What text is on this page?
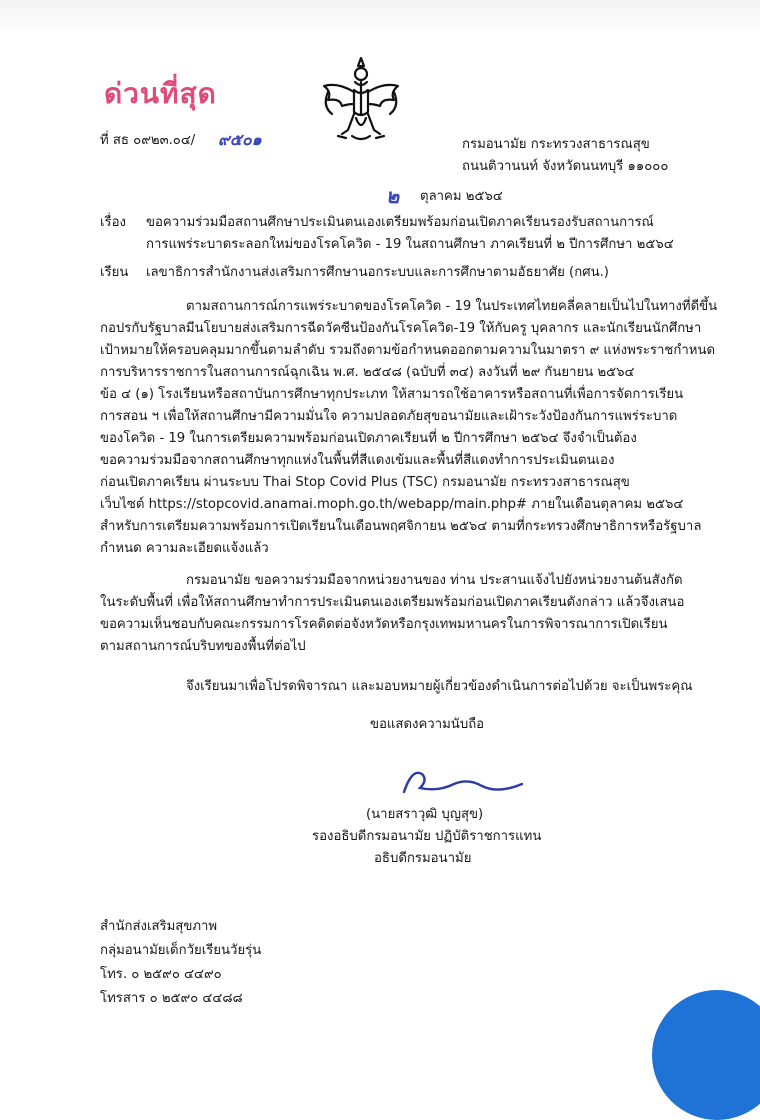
ด่วนที่สุด
ที่ สธ ๐๙๒๓.๐๔/ ๙๕๐๑	กรมอนามัย กระทรวงสาธารณสุข
ถนนติวานนท์ จังหวัดนนทบุรี ๑๑๐๐๐
๒ ตุลาคม ๒๕๖๔
เรื่อง ขอความร่วมมือสถานศึกษาประเมินตนเองเตรียมพร้อมก่อนเปิดภาคเรียนรองรับสถานการณ์
การแพร่ระบาดระลอกใหม่ของโรคโควิด - 19 ในสถานศึกษา ภาคเรียนที่ ๒ ปีการศึกษา ๒๕๖๔
เรียน เลขาธิการสำนักงานส่งเสริมการศึกษานอกระบบและการศึกษาตามอัธยาศัย (กศน.)
ตามสถานการณ์การแพร่ระบาดของโรคโควิด - 19 ในประเทศไทยคลี่คลายเป็นไปในทางที่ดีขึ้น
กอปรกับรัฐบาลมีนโยบายส่งเสริมการฉีดวัคซีนป้องกันโรคโควิด-19 ให้กับครู บุคลากร และนักเรียนนักศึกษา
เป้าหมายให้ครอบคลุมมากขึ้นตามลำดับ รวมถึงตามข้อกำหนดออกตามความในมาตรา ๙ แห่งพระราชกำหนด
การบริหารราชการในสถานการณ์ฉุกเฉิน พ.ศ. ๒๕๔๘ (ฉบับที่ ๓๔) ลงวันที่ ๒๙ กันยายน ๒๕๖๔
ข้อ ๔ (๑) โรงเรียนหรือสถาบันการศึกษาทุกประเภท ให้สามารถใช้อาคารหรือสถานที่เพื่อการจัดการเรียน
การสอน ฯ เพื่อให้สถานศึกษามีความมั่นใจ ความปลอดภัยสุขอนามัยและเฝ้าระวังป้องกันการแพร่ระบาด
ของโควิด - 19 ในการเตรียมความพร้อมก่อนเปิดภาคเรียนที่ ๒ ปีการศึกษา ๒๕๖๔ จึงจำเป็นต้อง
ขอความร่วมมือจากสถานศึกษาทุกแห่งในพื้นที่สีแดงเข้มและพื้นที่สีแดงทำการประเมินตนเอง
ก่อนเปิดภาคเรียน ผ่านระบบ Thai Stop Covid Plus (TSC) กรมอนามัย กระทรวงสาธารณสุข
เว็บไซต์ https://stopcovid.anamai.moph.go.th/webapp/main.php# ภายในเดือนตุลาคม ๒๕๖๔
สำหรับการเตรียมความพร้อมการเปิดเรียนในเดือนพฤศจิกายน ๒๕๖๔ ตามที่กระทรวงศึกษาธิการหรือรัฐบาล
กำหนด ความละเอียดแจ้งแล้ว
กรมอนามัย ขอความร่วมมือจากหน่วยงานของ ท่าน ประสานแจ้งไปยังหน่วยงานต้นสังกัด
ในระดับพื้นที่ เพื่อให้สถานศึกษาทำการประเมินตนเองเตรียมพร้อมก่อนเปิดภาคเรียนดังกล่าว แล้วจึงเสนอ
ขอความเห็นชอบกับคณะกรรมการโรคติดต่อจังหวัดหรือกรุงเทพมหานครในการพิจารณาการเปิดเรียน
ตามสถานการณ์บริบทของพื้นที่ต่อไป
จึงเรียนมาเพื่อโปรดพิจารณา และมอบหมายผู้เกี่ยวข้องดำเนินการต่อไปด้วย จะเป็นพระคุณ
ขอแสดงความนับถือ
(นายสราวุฒิ บุญสุข)
รองอธิบดีกรมอนามัย ปฏิบัติราชการแทน
อธิบดีกรมอนามัย
สำนักส่งเสริมสุขภาพ
กลุ่มอนามัยเด็กวัยเรียนวัยรุ่น
โทร. ๐ ๒๕๙๐ ๔๔๙๐
โทรสาร ๐ ๒๕๙๐ ๔๔๘๘
